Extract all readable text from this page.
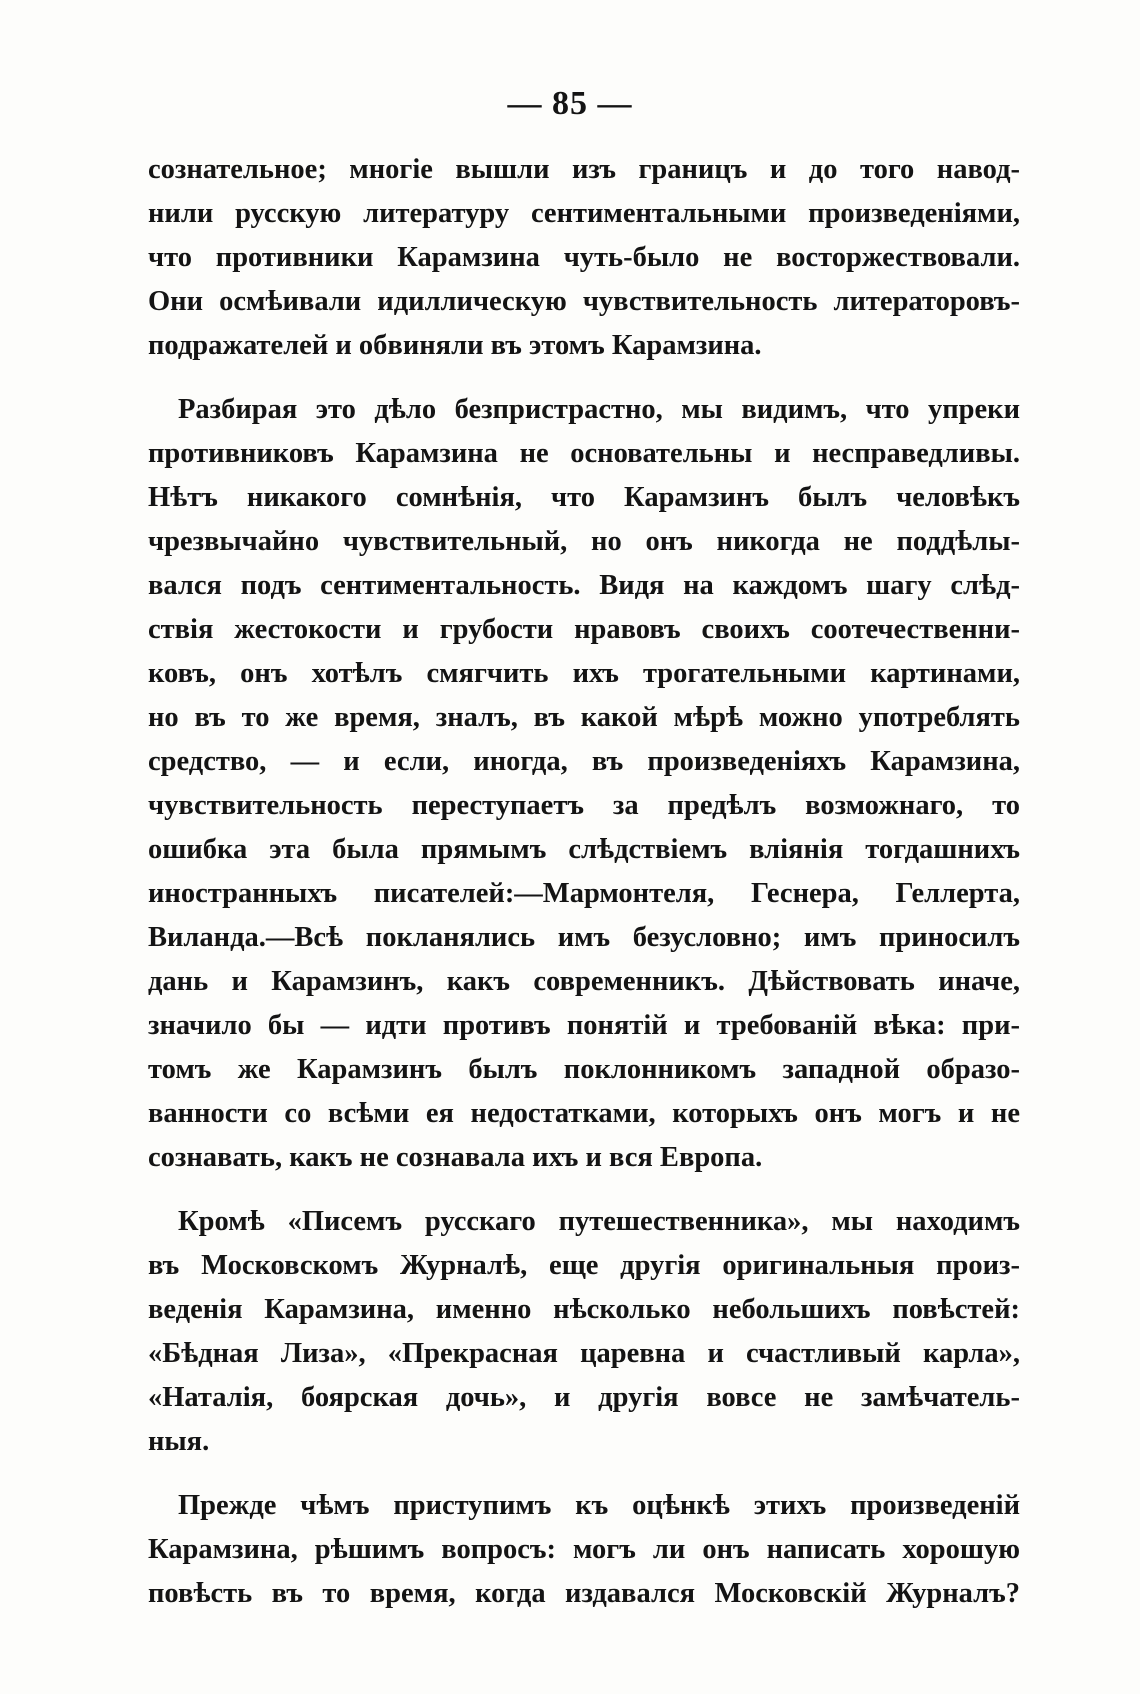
— 85 —
сознательное; многіе вышли изъ границъ и до того навод-
нили русскую литературу сентиментальными произведеніями,
что противники Карамзина чуть-было не восторжествовали.
Они осмѣивали идиллическую чувствительность литераторовъ-
подражателей и обвиняли въ этомъ Карамзина.
Разбирая это дѣло безпристрастно, мы видимъ, что упреки
противниковъ Карамзина не основательны и несправедливы.
Нѣтъ никакого сомнѣнія, что Карамзинъ былъ человѣкъ
чрезвычайно чувствительный, но онъ никогда не поддѣлы-
вался подъ сентиментальность. Видя на каждомъ шагу слѣд-
ствія жестокости и грубости нравовъ своихъ соотечественни-
ковъ, онъ хотѣлъ смягчить ихъ трогательными картинами,
но въ то же время, зналъ, въ какой мѣрѣ можно употреблять
средство, — и если, иногда, въ произведеніяхъ Карамзина,
чувствительность переступаетъ за предѣлъ возможнаго, то
ошибка эта была прямымъ слѣдствіемъ вліянія тогдашнихъ
иностранныхъ писателей:—Мармонтеля, Геснера, Геллерта,
Виланда.—Всѣ покланялись имъ безусловно; имъ приносилъ
дань и Карамзинъ, какъ современникъ. Дѣйствовать иначе,
значило бы — идти противъ понятій и требованій вѣка: при-
томъ же Карамзинъ былъ поклонникомъ западной образо-
ванности со всѣми ея недостатками, которыхъ онъ могъ и не
сознавать, какъ не сознавала ихъ и вся Европа.
Кромѣ «Писемъ русскаго путешественника», мы находимъ
въ Московскомъ Журналѣ, еще другія оригинальныя произ-
веденія Карамзина, именно нѣсколько небольшихъ повѣстей:
«Бѣдная Лиза», «Прекрасная царевна и счастливый карла»,
«Наталія, боярская дочь», и другія вовсе не замѣчатель-
ныя.
Прежде чѣмъ приступимъ къ оцѣнкѣ этихъ произведеній
Карамзина, рѣшимъ вопросъ: могъ ли онъ написать хорошую
повѣсть въ то время, когда издавался Московскій Журналъ?
